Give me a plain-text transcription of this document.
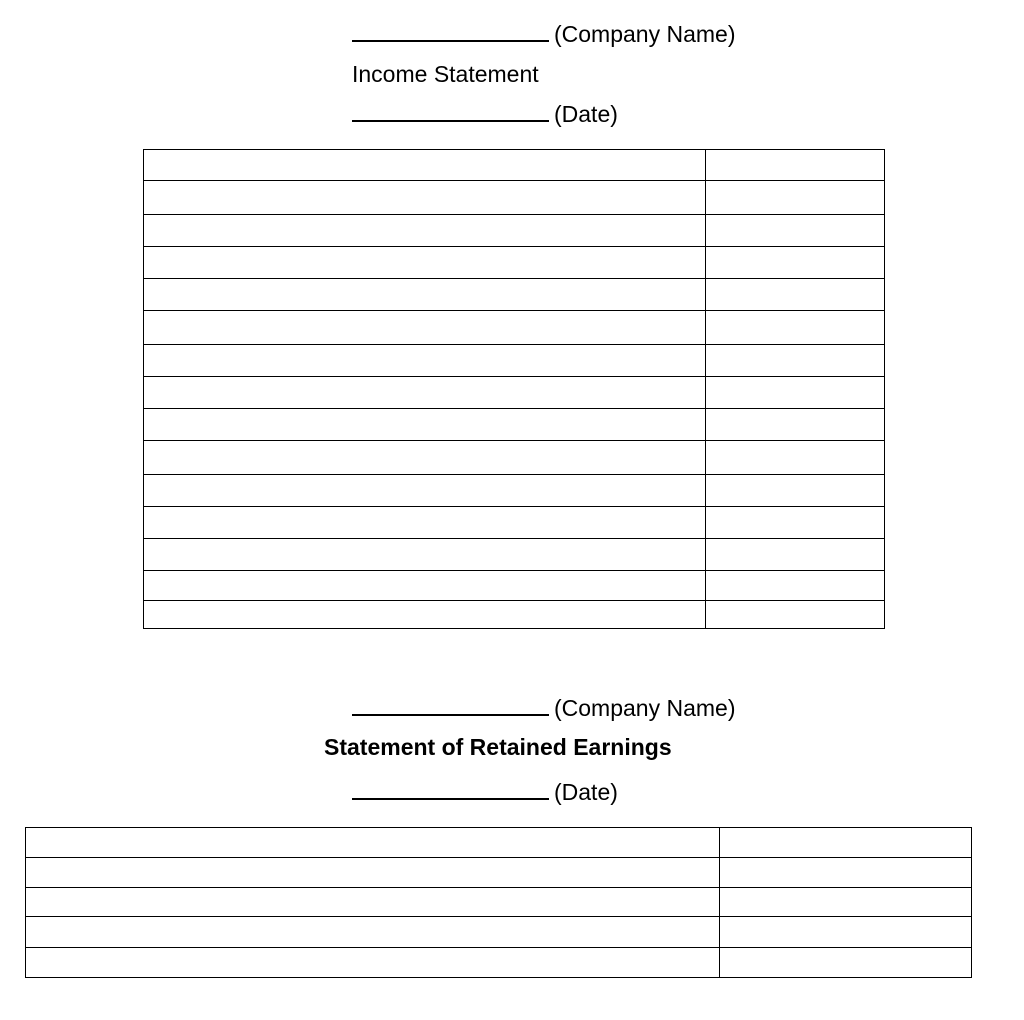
(Company Name)
Income Statement
(Date)

(Company Name)
Statement of Retained Earnings
(Date)
